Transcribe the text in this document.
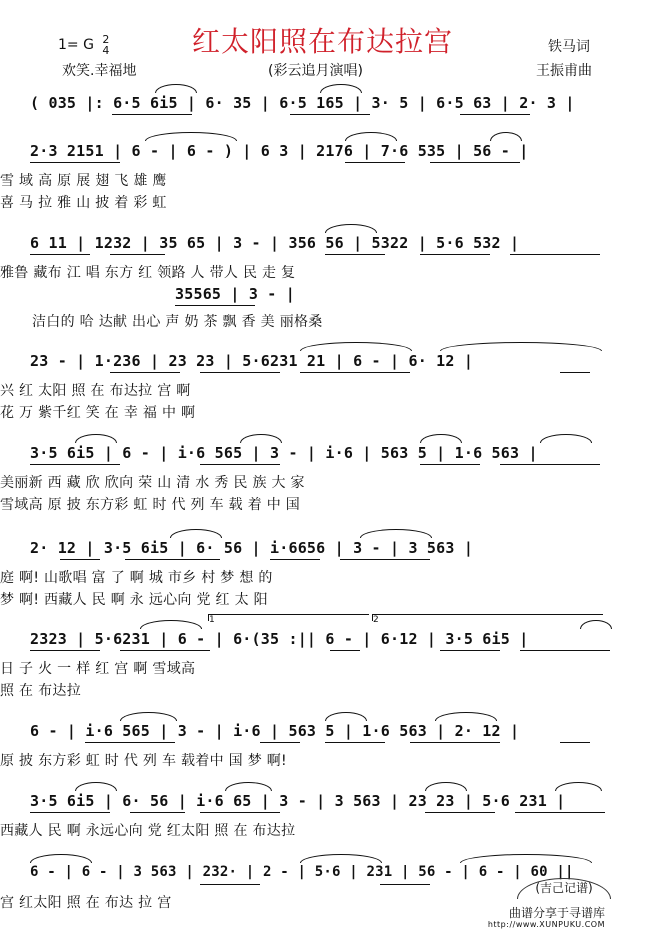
红太阳照在布达拉宫
1= G 2
4
欢笑.幸福地	(彩云追月演唱)
铁马词
王振甫曲
( 035 |: 6·5 6i5 | 6· 35 | 6·5 165 | 3· 5 | 6·5 63 | 2· 3 |
2·3 2151 | 6 - | 6 - ) | 6 3 | 2176 | 7·6 535 | 56 - |
雪 域 高 原 展 翅 飞 雄 鹰
喜 马 拉 雅 山 披 着 彩 虹
6 11 | 1232 | 35 65 | 3 - | 356 56 | 5322 | 5·6 532 |
雅鲁 藏布 江 唱 东方 红 领路 人 带人 民 走 复
35565 | 3 - |
洁白的 哈 达献 出心 声 奶 茶 飘 香 美 丽格桑
23 - | 1·236 | 23 23 | 5·6231 21 | 6 - | 6· 12 |
兴 红 太阳 照 在 布达拉 宫 啊
花 万 紫千红 笑 在 幸 福 中 啊
3·5 6i5 | 6 - | i·6 565 | 3 - | i·6 | 563 5 | 1·6 563 |
美丽新 西 藏 欣 欣向 荣 山 清 水 秀 民 族 大 家
雪域高 原 披 东方彩 虹 时 代 列 车 载 着 中 国
2· 12 | 3·5 6i5 | 6· 56 | i·6656 | 3 - | 3 563 |
庭 啊! 山歌唱 富 了 啊 城 市乡 村 梦 想 的
梦 啊! 西藏人 民 啊 永 远心向 党 红 太 阳
1	2
2323 | 5·6231 | 6 - | 6·(35 :|| 6 - | 6·12 | 3·5 6i5 |
日 子 火 一 样 红 宫 啊 雪域高
照 在 布达拉
6 - | i·6 565 | 3 - | i·6 | 563 5 | 1·6 563 | 2· 12 |
原 披 东方彩 虹 时 代 列 车 载着中 国 梦 啊!
3·5 6i5 | 6· 56 | i·6 65 | 3 - | 3 563 | 23 23 | 5·6 231 |
西藏人 民 啊 永远心向 党 红太阳 照 在 布达拉
6 - | 6 - | 3 563 | 232· | 2 - | 5·6 | 231 | 56 - | 6 - | 60 ||
宫 红太阳 照 在 布达 拉 宫
(吉己记谱)
曲谱分享于寻谱库
http://www.XUNPUKU.COM
